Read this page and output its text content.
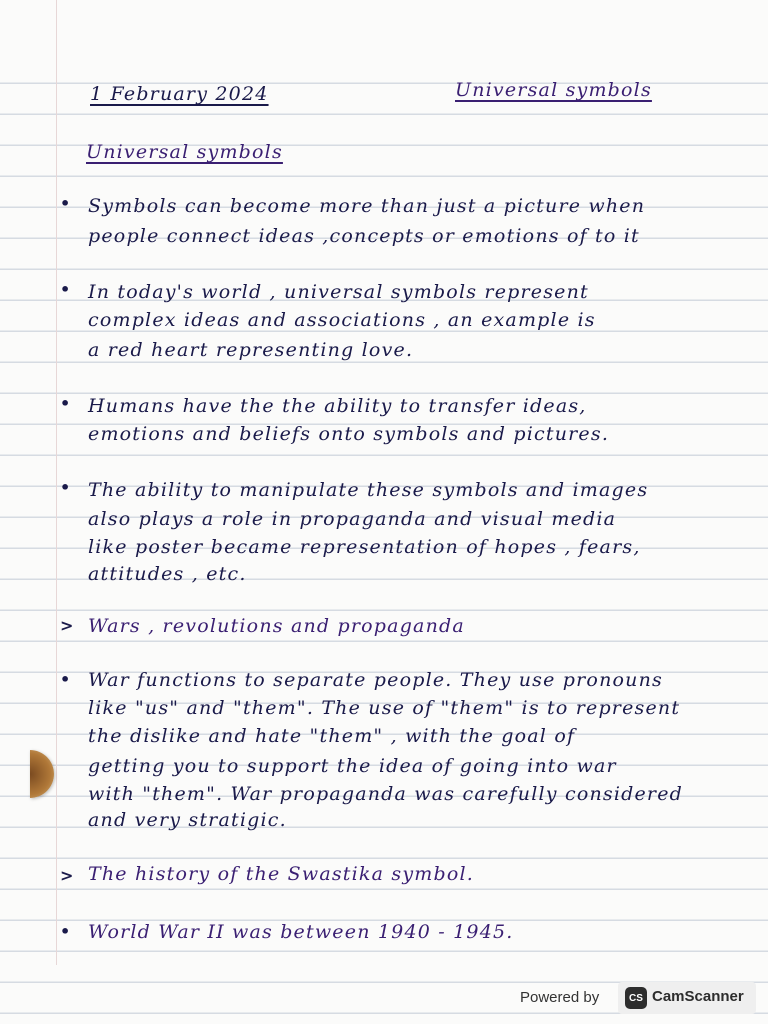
1 February 2024	Universal symbols
Universal symbols
• Symbols can become more than just a picture when
people connect ideas ,concepts or emotions of to it
• In today's world , universal symbols represent
complex ideas and associations , an example is
a red heart representing love.
• Humans have the the ability to transfer ideas,
emotions and beliefs onto symbols and pictures.
• The ability to manipulate these symbols and images
also plays a role in propaganda and visual media
like poster became representation of hopes , fears,
attitudes , etc.
> Wars , revolutions and propaganda
• War functions to separate people. They use pronouns
like "us" and "them". The use of "them" is to represent
the dislike and hate "them" , with the goal of
getting you to support the idea of going into war
with "them". War propaganda was carefully considered
and very stratigic.
> The history of the Swastika symbol.
• World War II was between 1940 - 1945.
Powered by	CS CamScanner
